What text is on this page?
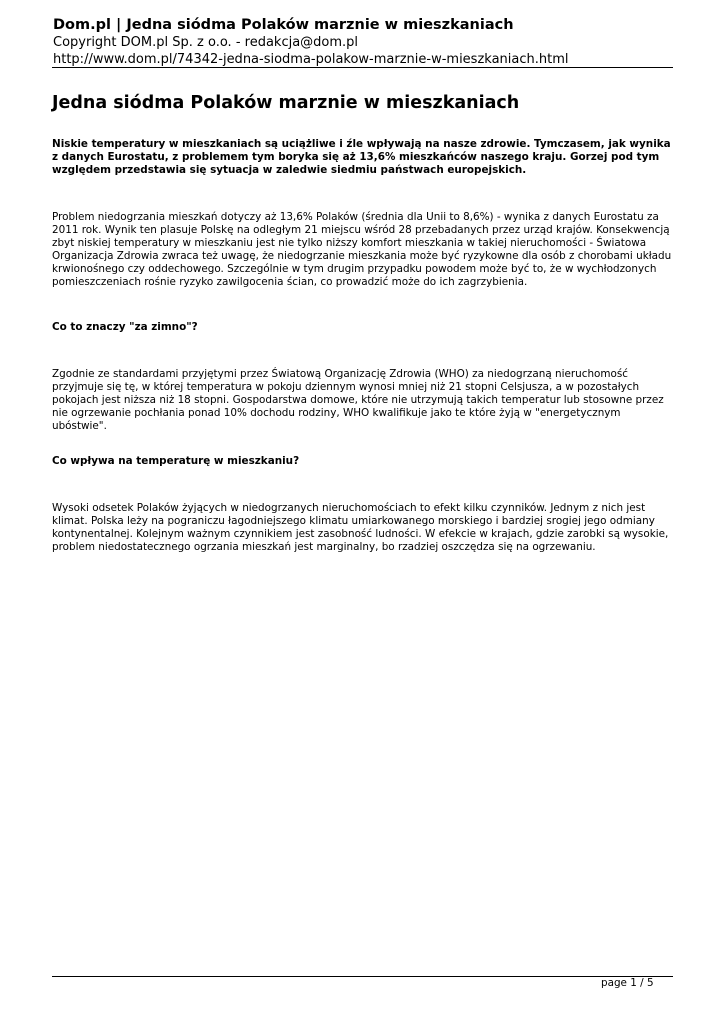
Dom.pl | Jedna siódma Polaków marznie w mieszkaniach
Copyright DOM.pl Sp. z o.o. - redakcja@dom.pl
http://www.dom.pl/74342-jedna-siodma-polakow-marznie-w-mieszkaniach.html
Jedna siódma Polaków marznie w mieszkaniach

Niskie temperatury w mieszkaniach są uciążliwe i źle wpływają na nasze zdrowie. Tymczasem, jak wynika z danych Eurostatu, z problemem tym boryka się aż 13,6% mieszkańców naszego kraju. Gorzej pod tym względem przedstawia się sytuacja w zaledwie siedmiu państwach europejskich.

Problem niedogrzania mieszkań dotyczy aż 13,6% Polaków (średnia dla Unii to 8,6%) - wynika z danych Eurostatu za 2011 rok. Wynik ten plasuje Polskę na odległym 21 miejscu wśród 28 przebadanych przez urząd krajów. Konsekwencją zbyt niskiej temperatury w mieszkaniu jest nie tylko niższy komfort mieszkania w takiej nieruchomości - Światowa Organizacja Zdrowia zwraca też uwagę, że niedogrzanie mieszkania może być ryzykowne dla osób z chorobami układu krwionośnego czy oddechowego. Szczególnie w tym drugim przypadku powodem może być to, że w wychłodzonych pomieszczeniach rośnie ryzyko zawilgocenia ścian, co prowadzić może do ich zagrzybienia.

Co to znaczy "za zimno"?

Zgodnie ze standardami przyjętymi przez Światową Organizację Zdrowia (WHO) za niedogrzaną nieruchomość przyjmuje się tę, w której temperatura w pokoju dziennym wynosi mniej niż 21 stopni Celsjusza, a w pozostałych pokojach jest niższa niż 18 stopni. Gospodarstwa domowe, które nie utrzymują takich temperatur lub stosowne przez nie ogrzewanie pochłania ponad 10% dochodu rodziny, WHO kwalifikuje jako te które żyją w "energetycznym ubóstwie".

Co wpływa na temperaturę w mieszkaniu?

Wysoki odsetek Polaków żyjących w niedogrzanych nieruchomościach to efekt kilku czynników. Jednym z nich jest klimat. Polska leży na pograniczu łagodniejszego klimatu umiarkowanego morskiego i bardziej srogiej jego odmiany kontynentalnej. Kolejnym ważnym czynnikiem jest zasobność ludności. W efekcie w krajach, gdzie zarobki są wysokie, problem niedostatecznego ogrzania mieszkań jest marginalny, bo rzadziej oszczędza się na ogrzewaniu.

page 1 / 5
